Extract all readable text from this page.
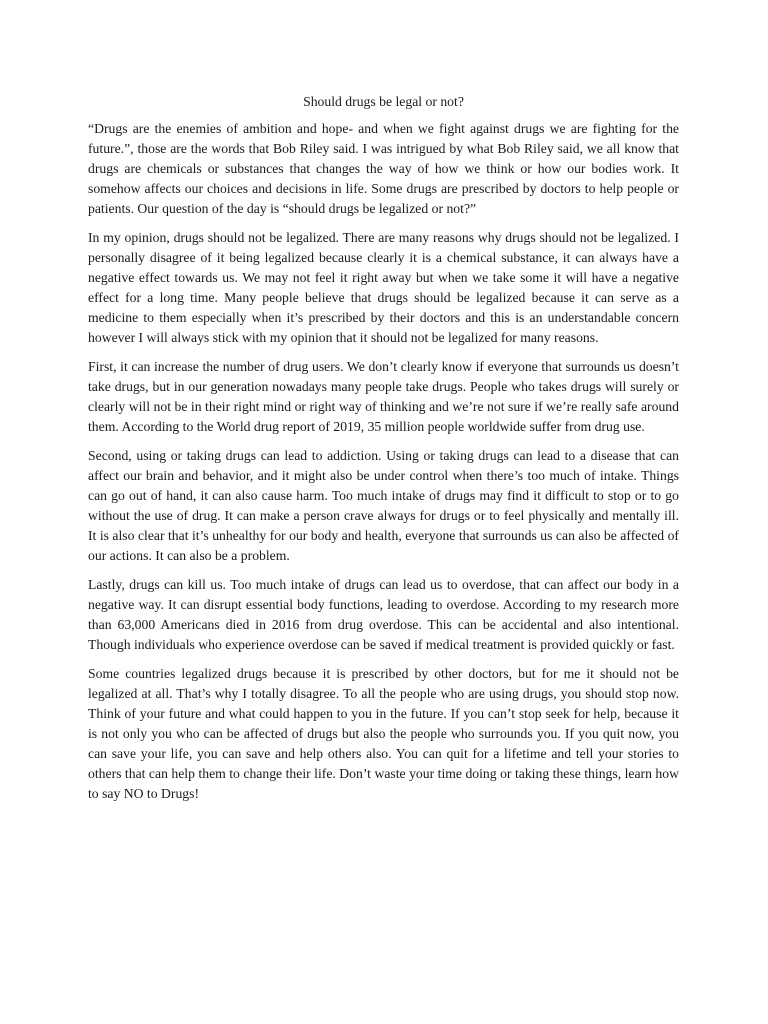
Should drugs be legal or not?

“Drugs are the enemies of ambition and hope- and when we fight against drugs we are fighting for the future.”, those are the words that Bob Riley said. I was intrigued by what Bob Riley said, we all know that drugs are chemicals or substances that changes the way of how we think or how our bodies work. It somehow affects our choices and decisions in life. Some drugs are prescribed by doctors to help people or patients. Our question of the day is “should drugs be legalized or not?”

In my opinion, drugs should not be legalized. There are many reasons why drugs should not be legalized. I personally disagree of it being legalized because clearly it is a chemical substance, it can always have a negative effect towards us. We may not feel it right away but when we take some it will have a negative effect for a long time. Many people believe that drugs should be legalized because it can serve as a medicine to them especially when it’s prescribed by their doctors and this is an understandable concern however I will always stick with my opinion that it should not be legalized for many reasons.

First, it can increase the number of drug users. We don’t clearly know if everyone that surrounds us doesn’t take drugs, but in our generation nowadays many people take drugs. People who takes drugs will surely or clearly will not be in their right mind or right way of thinking and we’re not sure if we’re really safe around them. According to the World drug report of 2019, 35 million people worldwide suffer from drug use.

Second, using or taking drugs can lead to addiction. Using or taking drugs can lead to a disease that can affect our brain and behavior, and it might also be under control when there’s too much of intake. Things can go out of hand, it can also cause harm. Too much intake of drugs may find it difficult to stop or to go without the use of drug. It can make a person crave always for drugs or to feel physically and mentally ill. It is also clear that it’s unhealthy for our body and health, everyone that surrounds us can also be affected of our actions. It can also be a problem.

Lastly, drugs can kill us. Too much intake of drugs can lead us to overdose, that can affect our body in a negative way. It can disrupt essential body functions, leading to overdose. According to my research more than 63,000 Americans died in 2016 from drug overdose. This can be accidental and also intentional. Though individuals who experience overdose can be saved if medical treatment is provided quickly or fast.

Some countries legalized drugs because it is prescribed by other doctors, but for me it should not be legalized at all. That’s why I totally disagree. To all the people who are using drugs, you should stop now. Think of your future and what could happen to you in the future. If you can’t stop seek for help, because it is not only you who can be affected of drugs but also the people who surrounds you. If you quit now, you can save your life, you can save and help others also. You can quit for a lifetime and tell your stories to others that can help them to change their life. Don’t waste your time doing or taking these things, learn how to say NO to Drugs!
